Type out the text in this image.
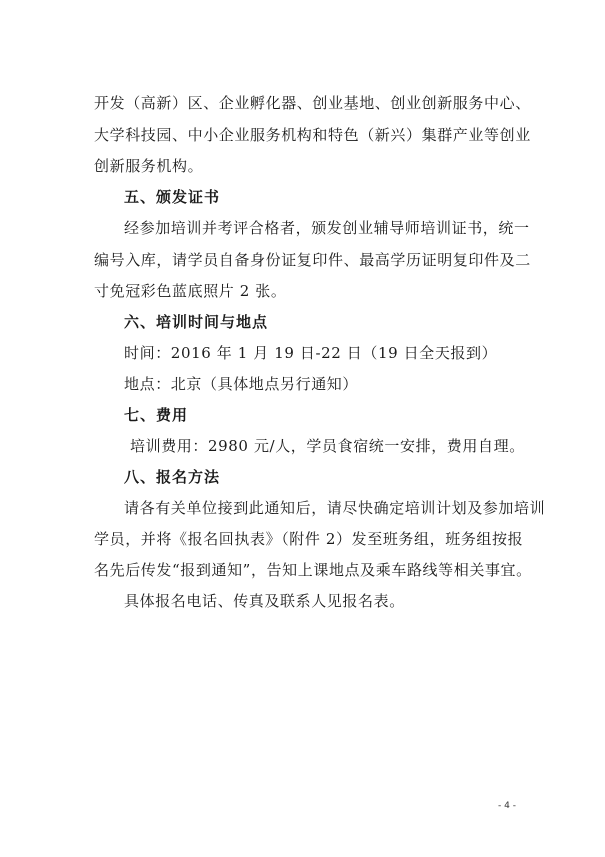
开发（高新）区、企业孵化器、创业基地、创业创新服务中心、
大学科技园、中小企业服务机构和特色（新兴）集群产业等创业
创新服务机构。
五、颁发证书
经参加培训并考评合格者，颁发创业辅导师培训证书，统一
编号入库，请学员自备身份证复印件、最高学历证明复印件及二
寸免冠彩色蓝底照片 2 张。
六、培训时间与地点
时间：2016 年 1 月 19 日-22 日（19 日全天报到）
地点：北京（具体地点另行通知）
七、费用
培训费用：2980 元/人，学员食宿统一安排，费用自理。
八、报名方法
请各有关单位接到此通知后，请尽快确定培训计划及参加培训
学员，并将《报名回执表》（附件 2）发至班务组，班务组按报
名先后传发“报到通知”，告知上课地点及乘车路线等相关事宜。
具体报名电话、传真及联系人见报名表。
- 4 -
